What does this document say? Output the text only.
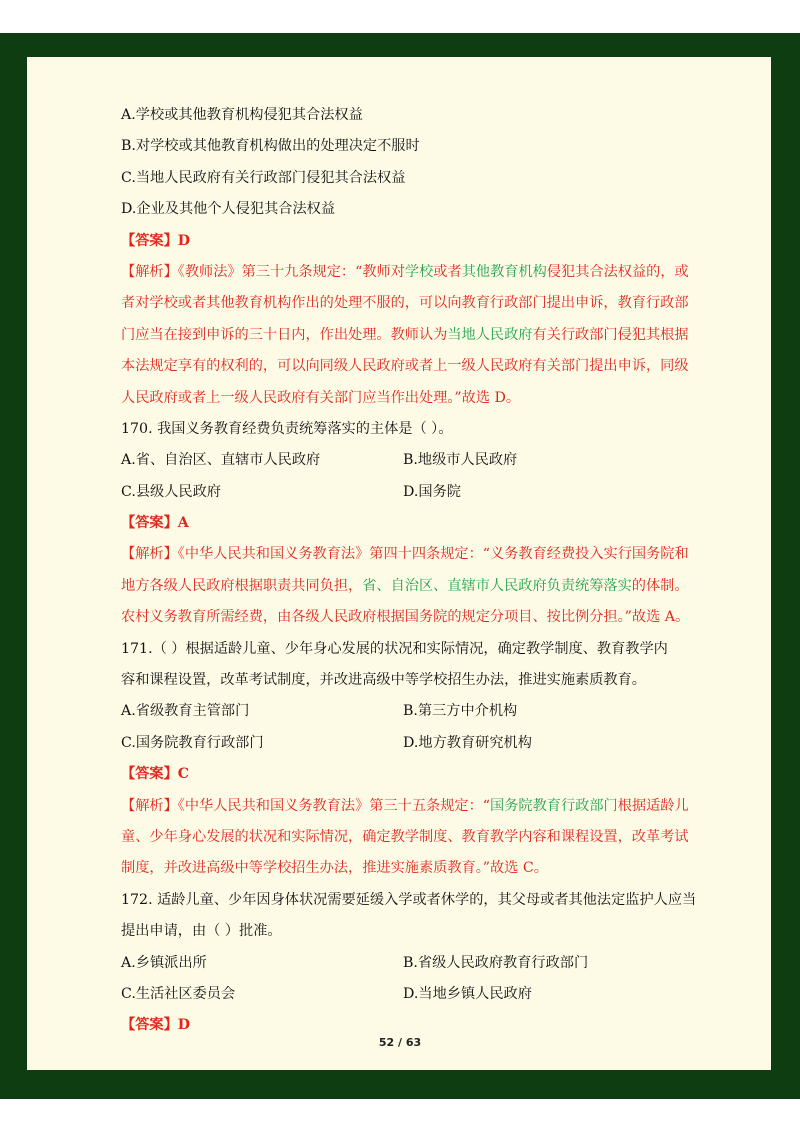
A.学校或其他教育机构侵犯其合法权益
B.对学校或其他教育机构做出的处理决定不服时
C.当地人民政府有关行政部门侵犯其合法权益
D.企业及其他个人侵犯其合法权益
【答案】D
【解析】《教师法》第三十九条规定：“教师对学校或者其他教育机构侵犯其合法权益的，或
者对学校或者其他教育机构作出的处理不服的，可以向教育行政部门提出申诉，教育行政部
门应当在接到申诉的三十日内，作出处理。教师认为当地人民政府有关行政部门侵犯其根据
本法规定享有的权利的，可以向同级人民政府或者上一级人民政府有关部门提出申诉，同级
人民政府或者上一级人民政府有关部门应当作出处理。”故选 D。
170. 我国义务教育经费负责统筹落实的主体是（ ）。
A.省、自治区、直辖市人民政府	B.地级市人民政府
C.县级人民政府	D.国务院
【答案】A
【解析】《中华人民共和国义务教育法》第四十四条规定：“义务教育经费投入实行国务院和
地方各级人民政府根据职责共同负担，省、自治区、直辖市人民政府负责统筹落实的体制。
农村义务教育所需经费，由各级人民政府根据国务院的规定分项目、按比例分担。”故选 A。
171.（ ）根据适龄儿童、少年身心发展的状况和实际情况，确定教学制度、教育教学内
容和课程设置，改革考试制度，并改进高级中等学校招生办法，推进实施素质教育。
A.省级教育主管部门	B.第三方中介机构
C.国务院教育行政部门	D.地方教育研究机构
【答案】C
【解析】《中华人民共和国义务教育法》第三十五条规定：“国务院教育行政部门根据适龄儿
童、少年身心发展的状况和实际情况，确定教学制度、教育教学内容和课程设置，改革考试
制度，并改进高级中等学校招生办法，推进实施素质教育。”故选 C。
172. 适龄儿童、少年因身体状况需要延缓入学或者休学的，其父母或者其他法定监护人应当
提出申请，由（ ）批准。
A.乡镇派出所	B.省级人民政府教育行政部门
C.生活社区委员会	D.当地乡镇人民政府
【答案】D
52 / 63
